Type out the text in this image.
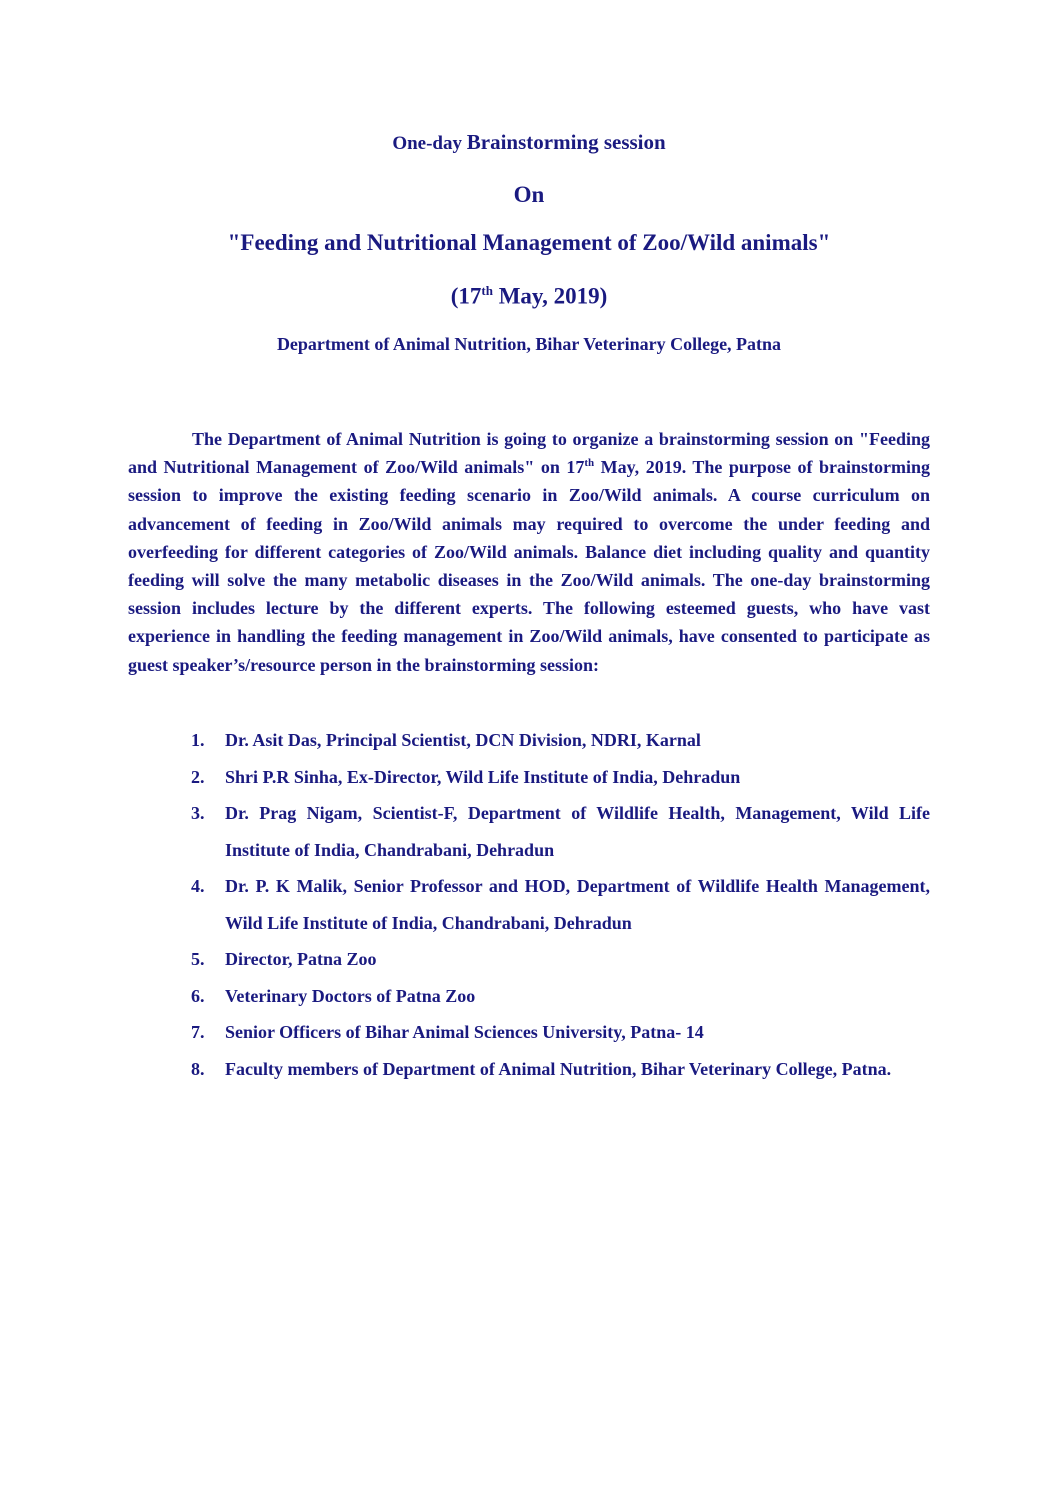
One-day Brainstorming session
On
"Feeding and Nutritional Management of Zoo/Wild animals"
(17th May, 2019)
Department of Animal Nutrition, Bihar Veterinary College, Patna

The Department of Animal Nutrition is going to organize a brainstorming session on "Feeding and Nutritional Management of Zoo/Wild animals" on 17th May, 2019. The purpose of brainstorming session to improve the existing feeding scenario in Zoo/Wild animals. A course curriculum on advancement of feeding in Zoo/Wild animals may required to overcome the under feeding and overfeeding for different categories of Zoo/Wild animals. Balance diet including quality and quantity feeding will solve the many metabolic diseases in the Zoo/Wild animals. The one-day brainstorming session includes lecture by the different experts. The following esteemed guests, who have vast experience in handling the feeding management in Zoo/Wild animals, have consented to participate as guest speaker’s/resource person in the brainstorming session:

1. Dr. Asit Das, Principal Scientist, DCN Division, NDRI, Karnal
2. Shri P.R Sinha, Ex-Director, Wild Life Institute of India, Dehradun
3. Dr. Prag Nigam, Scientist-F, Department of Wildlife Health, Management, Wild Life Institute of India, Chandrabani, Dehradun
4. Dr. P. K Malik, Senior Professor and HOD, Department of Wildlife Health Management, Wild Life Institute of India, Chandrabani, Dehradun
5. Director, Patna Zoo
6. Veterinary Doctors of Patna Zoo
7. Senior Officers of Bihar Animal Sciences University, Patna- 14
8. Faculty members of Department of Animal Nutrition, Bihar Veterinary College, Patna.
